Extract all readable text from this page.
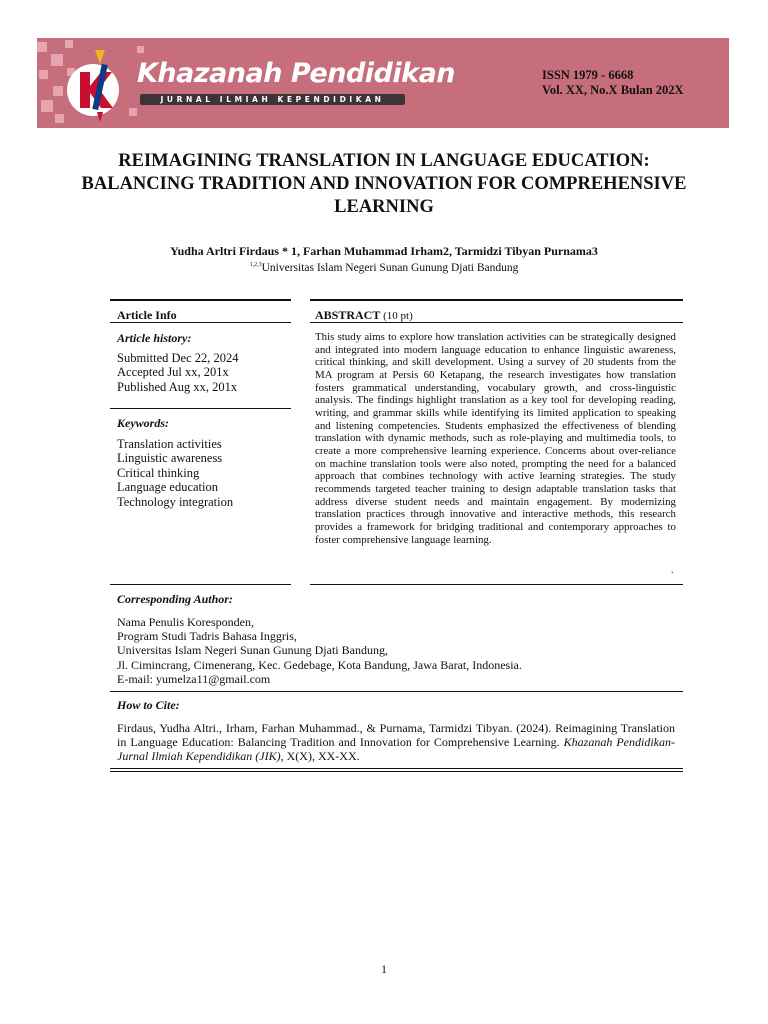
Khazanah Pendidikan
JURNAL ILMIAH KEPENDIDIKAN
ISSN 1979 - 6668
Vol. XX, No.X Bulan 202X
REIMAGINING TRANSLATION IN LANGUAGE EDUCATION: BALANCING TRADITION AND INNOVATION FOR COMPREHENSIVE LEARNING
Yudha Arltri Firdaus * 1, Farhan Muhammad Irham2, Tarmidzi Tibyan Purnama3
$^{1,2,3}$Universitas Islam Negeri Sunan Gunung Djati Bandung
Article Info
Article history:
Submitted Dec 22, 2024
Accepted Jul xx, 201x
Published Aug xx, 201x
Keywords:
Translation activities
Linguistic awareness
Critical thinking
Language education
Technology integration
ABSTRACT (10 pt)

This study aims to explore how translation activities can be strategically designed and integrated into modern language education to enhance linguistic awareness, critical thinking, and skill development. Using a survey of 20 students from the MA program at Persis 60 Ketapang, the research investigates how translation fosters grammatical understanding, vocabulary growth, and cross-linguistic analysis. The findings highlight translation as a key tool for developing reading, writing, and grammar skills while identifying its limited application to speaking and listening competencies. Students emphasized the effectiveness of blending translation with dynamic methods, such as role-playing and multimedia tools, to create a more comprehensive learning experience. Concerns about over-reliance on machine translation tools were also noted, prompting the need for a balanced approach that combines technology with active learning strategies. The study recommends targeted teacher training to design adaptable translation tasks that address diverse student needs and maintain engagement. By modernizing translation practices through innovative and interactive methods, this research provides a framework for bridging traditional and contemporary approaches to foster comprehensive language learning.

.
Corresponding Author:
Nama Penulis Koresponden,
Program Studi Tadris Bahasa Inggris,
Universitas Islam Negeri Sunan Gunung Djati Bandung,
Jl. Cimincrang, Cimenerang, Kec. Gedebage, Kota Bandung, Jawa Barat, Indonesia.
E-mail: yumelza11@gmail.com
How to Cite:

Firdaus, Yudha Altri., Irham, Farhan Muhammad., & Purnama, Tarmidzi Tibyan. (2024). Reimagining Translation in Language Education: Balancing Tradition and Innovation for Comprehensive Learning. Khazanah Pendidikan-Jurnal Ilmiah Kependidikan (JIK), X(X), XX-XX.

1
